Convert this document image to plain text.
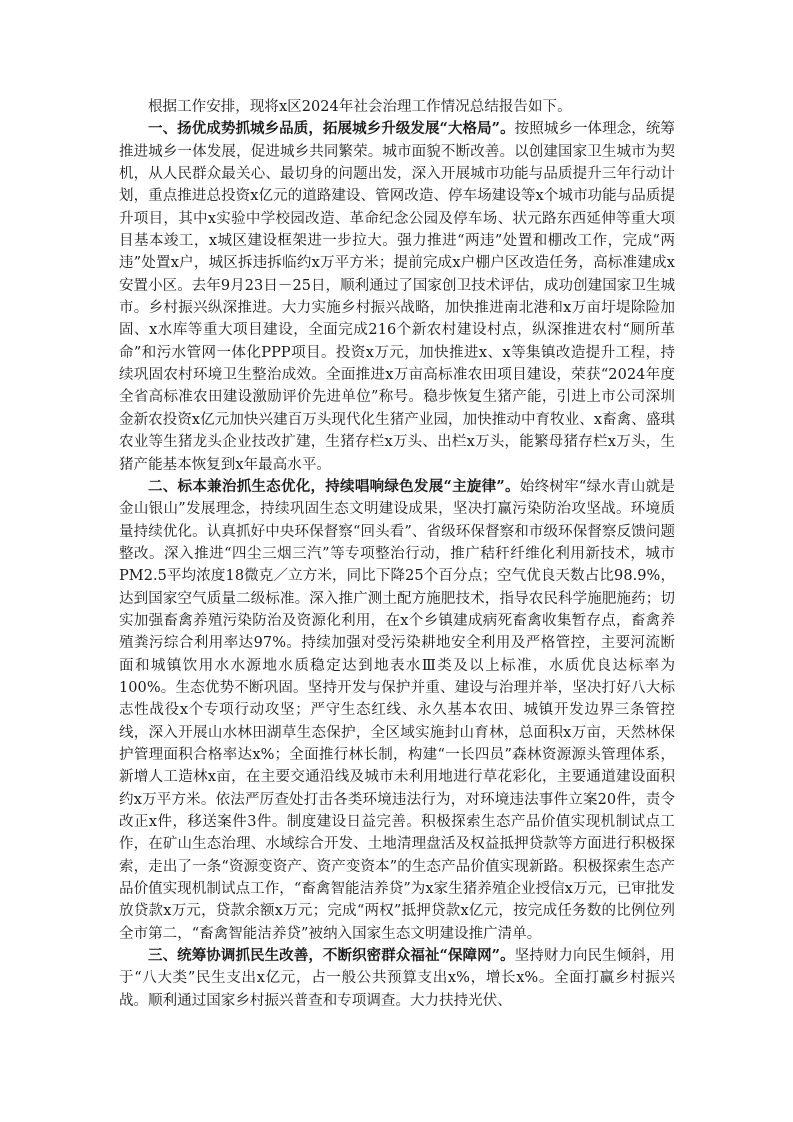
根据工作安排，现将x区2024年社会治理工作情况总结报告如下。

一、扬优成势抓城乡品质，拓展城乡升级发展“大格局”。按照城乡一体理念，统筹推进城乡一体发展，促进城乡共同繁荣。城市面貌不断改善。以创建国家卫生城市为契机，从人民群众最关心、最切身的问题出发，深入开展城市功能与品质提升三年行动计划，重点推进总投资x亿元的道路建设、管网改造、停车场建设等x个城市功能与品质提升项目，其中x实验中学校园改造、革命纪念公园及停车场、状元路东西延伸等重大项目基本竣工，x城区建设框架进一步拉大。强力推进“两违”处置和棚改工作，完成“两违”处置x户，城区拆违拆临约x万平方米；提前完成x户棚户区改造任务，高标准建成x安置小区。去年9月23日－25日，顺利通过了国家创卫技术评估，成功创建国家卫生城市。乡村振兴纵深推进。大力实施乡村振兴战略，加快推进南北港和x万亩圩堤除险加固、x水库等重大项目建设，全面完成216个新农村建设村点，纵深推进农村“厕所革命”和污水管网一体化PPP项目。投资x万元，加快推进x、x等集镇改造提升工程，持续巩固农村环境卫生整治成效。全面推进x万亩高标准农田项目建设，荣获“2024年度全省高标准农田建设激励评价先进单位”称号。稳步恢复生猪产能，引进上市公司深圳金新农投资x亿元加快兴建百万头现代化生猪产业园，加快推动中育牧业、x畜禽、盛琪农业等生猪龙头企业技改扩建，生猪存栏x万头、出栏x万头，能繁母猪存栏x万头，生猪产能基本恢复到x年最高水平。

二、标本兼治抓生态优化，持续唱响绿色发展“主旋律”。始终树牢“绿水青山就是金山银山”发展理念，持续巩固生态文明建设成果，坚决打赢污染防治攻坚战。环境质量持续优化。认真抓好中央环保督察“回头看”、省级环保督察和市级环保督察反馈问题整改。深入推进“四尘三烟三汽”等专项整治行动，推广秸秆纤维化利用新技术，城市PM2.5平均浓度18微克／立方米，同比下降25个百分点；空气优良天数占比98.9%，达到国家空气质量二级标准。深入推广测土配方施肥技术，指导农民科学施肥施药；切实加强畜禽养殖污染防治及资源化利用，在x个乡镇建成病死畜禽收集暂存点，畜禽养殖粪污综合利用率达97%。持续加强对受污染耕地安全利用及严格管控，主要河流断面和城镇饮用水水源地水质稳定达到地表水Ⅲ类及以上标准，水质优良达标率为100%。生态优势不断巩固。坚持开发与保护并重、建设与治理并举，坚决打好八大标志性战役x个专项行动攻坚；严守生态红线、永久基本农田、城镇开发边界三条管控线，深入开展山水林田湖草生态保护，全区域实施封山育林，总面积x万亩，天然林保护管理面积合格率达x%；全面推行林长制，构建“一长四员”森林资源源头管理体系，新增人工造林x亩，在主要交通沿线及城市未利用地进行草花彩化，主要通道建设面积约x万平方米。依法严厉查处打击各类环境违法行为，对环境违法事件立案20件，责令改正x件，移送案件3件。制度建设日益完善。积极探索生态产品价值实现机制试点工作，在矿山生态治理、水域综合开发、土地清理盘活及权益抵押贷款等方面进行积极探索，走出了一条“资源变资产、资产变资本”的生态产品价值实现新路。积极探索生态产品价值实现机制试点工作，“畜禽智能洁养贷”为x家生猪养殖企业授信x万元，已审批发放贷款x万元，贷款余额x万元；完成“两权”抵押贷款x亿元，按完成任务数的比例位列全市第二，“畜禽智能洁养贷”被纳入国家生态文明建设推广清单。

三、统筹协调抓民生改善，不断织密群众福祉“保障网”。坚持财力向民生倾斜，用于“八大类”民生支出x亿元，占一般公共预算支出x%，增长x%。全面打赢乡村振兴战。顺利通过国家乡村振兴普查和专项调查。大力扶持光伏、
